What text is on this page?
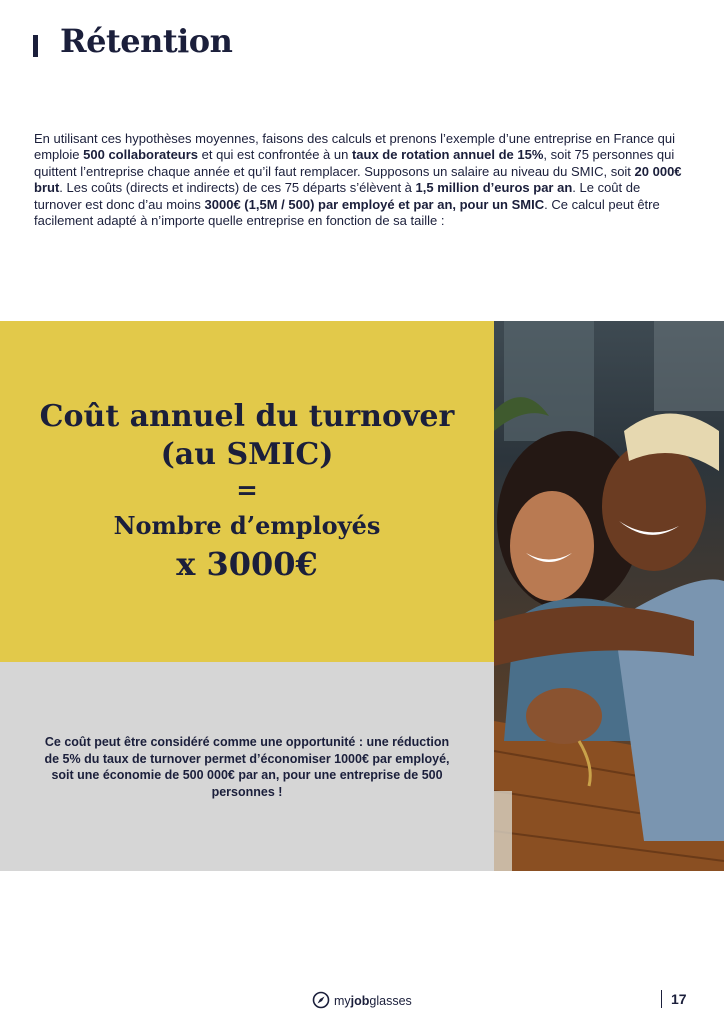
Rétention

En utilisant ces hypothèses moyennes, faisons des calculs et prenons l’exemple d’une entreprise en France qui emploie 500 collaborateurs et qui est confrontée à un taux de rotation annuel de 15%, soit 75 personnes qui quittent l’entreprise chaque année et qu’il faut remplacer. Supposons un salaire au niveau du SMIC, soit 20 000€ brut. Les coûts (directs et indirects) de ces 75 départs s’élèvent à 1,5 million d’euros par an. Le coût de turnover est donc d’au moins 3000€ (1,5M / 500) par employé et par an, pour un SMIC. Ce calcul peut être facilement adapté à n’importe quelle entreprise en fonction de sa taille :

Coût annuel du turnover
(au SMIC)
=
Nombre d’employés
x 3000€
Ce coût peut être considéré comme une opportunité : une réduction de 5% du taux de turnover permet d’économiser 1000€ par employé, soit une économie de 500 000€ par an, pour une entreprise de 500 personnes !
myjobglasses	17
